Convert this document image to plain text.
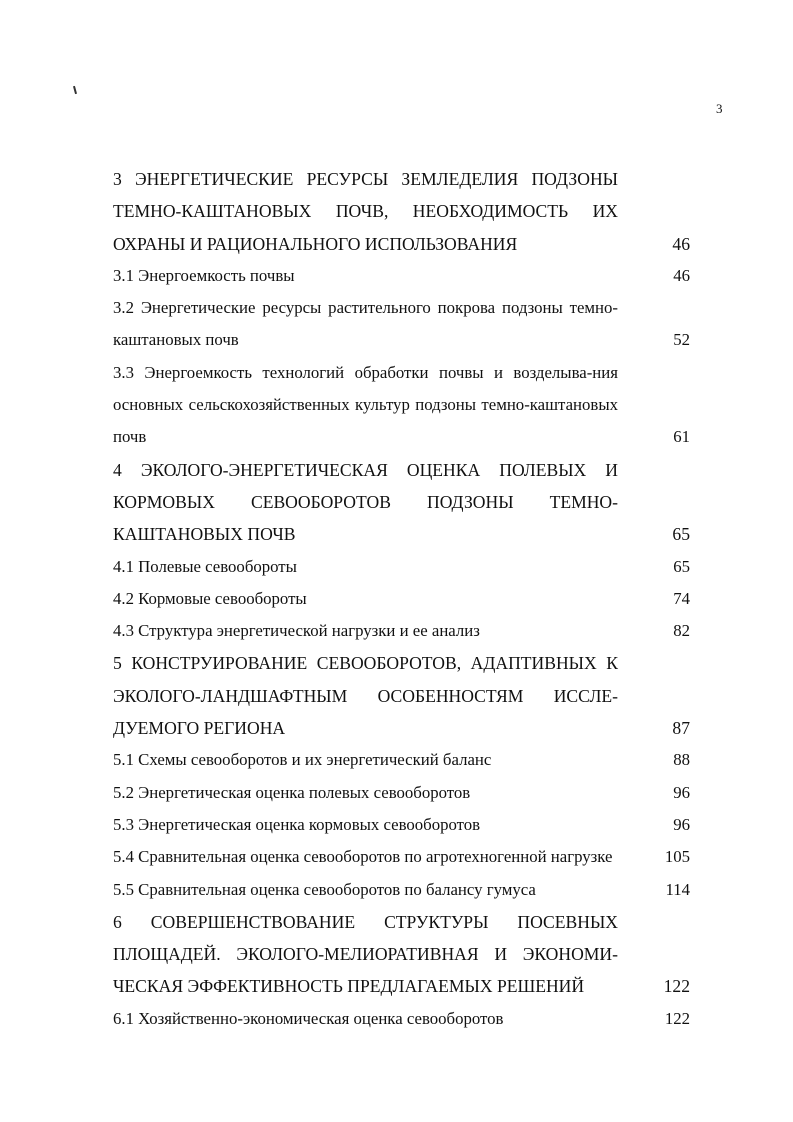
3
3 ЭНЕРГЕТИЧЕСКИЕ РЕСУРСЫ ЗЕМЛЕДЕЛИЯ ПОДЗОНЫ ТЕМНО-КАШТАНОВЫХ ПОЧВ, НЕОБХОДИМОСТЬ ИХ ОХРАНЫ И РАЦИОНАЛЬНОГО ИСПОЛЬЗОВАНИЯ	46
3.1 Энергоемкость почвы	46
3.2 Энергетические ресурсы растительного покрова подзоны темно-каштановых почв	52
3.3 Энергоемкость технологий обработки почвы и возделыва-ния основных сельскохозяйственных культур подзоны темно-каштановых почв	61
4 ЭКОЛОГО-ЭНЕРГЕТИЧЕСКАЯ ОЦЕНКА ПОЛЕВЫХ И КОРМОВЫХ СЕВООБОРОТОВ ПОДЗОНЫ ТЕМНО-КАШТАНОВЫХ ПОЧВ	65
4.1 Полевые севообороты	65
4.2 Кормовые севообороты	74
4.3 Структура энергетической нагрузки и ее анализ	82
5 КОНСТРУИРОВАНИЕ СЕВООБОРОТОВ, АДАПТИВНЫХ К ЭКОЛОГО-ЛАНДШАФТНЫМ ОСОБЕННОСТЯМ ИССЛЕ-ДУЕМОГО РЕГИОНА	87
5.1 Схемы севооборотов и их энергетический баланс	88
5.2 Энергетическая оценка полевых севооборотов	96
5.3 Энергетическая оценка кормовых севооборотов	96
5.4 Сравнительная оценка севооборотов по агротехногенной нагрузке	105
5.5 Сравнительная оценка севооборотов по балансу гумуса	114
6 СОВЕРШЕНСТВОВАНИЕ СТРУКТУРЫ ПОСЕВНЫХ ПЛОЩАДЕЙ. ЭКОЛОГО-МЕЛИОРАТИВНАЯ И ЭКОНОМИ-ЧЕСКАЯ ЭФФЕКТИВНОСТЬ ПРЕДЛАГАЕМЫХ РЕШЕНИЙ	122
6.1 Хозяйственно-экономическая оценка севооборотов	122
